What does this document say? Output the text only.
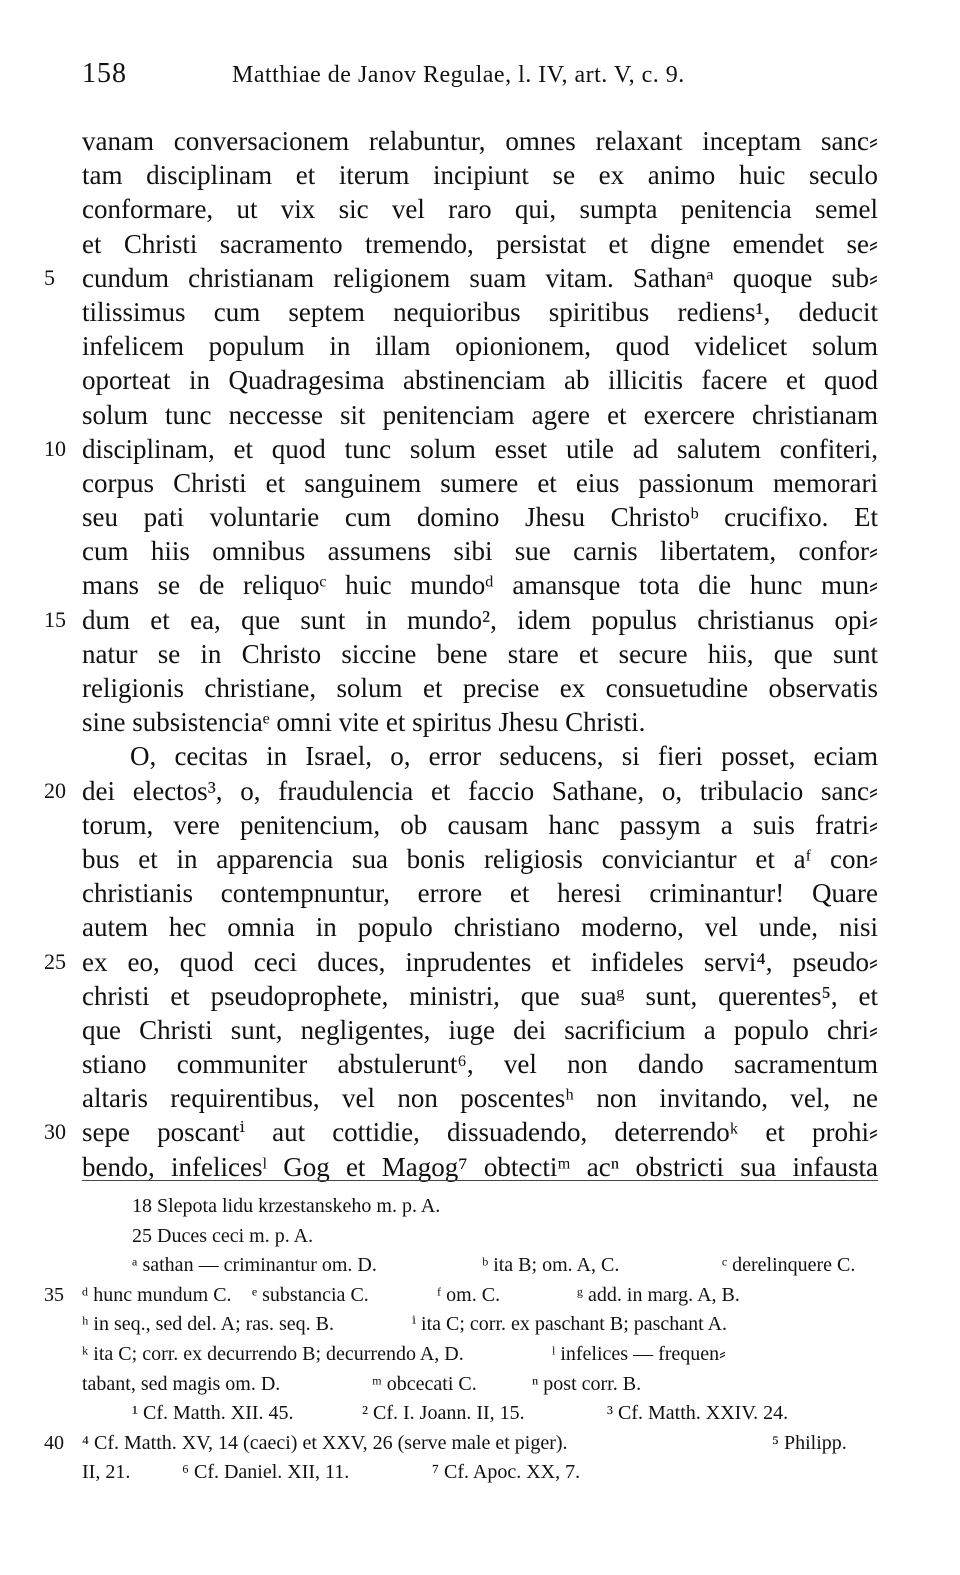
158	Matthiae de Janov Regulae, l. IV, art. V, c. 9.
vanam conversacionem relabuntur, omnes relaxant inceptam sanc⸗
tam disciplinam et iterum incipiunt se ex animo huic seculo
conformare, ut vix sic vel raro qui, sumpta penitencia semel
et Christi sacramento tremendo, persistat et digne emendet se⸗
5 cundum christianam religionem suam vitam. Sathanᵃ quoque sub⸗
tilissimus cum septem nequioribus spiritibus rediens¹, deducit
infelicem populum in illam opionionem, quod videlicet solum
oporteat in Quadragesima abstinenciam ab illicitis facere et quod
solum tunc neccesse sit penitenciam agere et exercere christianam
10 disciplinam, et quod tunc solum esset utile ad salutem confiteri,
corpus Christi et sanguinem sumere et eius passionum memorari
seu pati voluntarie cum domino Jhesu Christoᵇ crucifixo. Et
cum hiis omnibus assumens sibi sue carnis libertatem, confor⸗
mans se de reliquoᶜ huic mundoᵈ amansque tota die hunc mun⸗
15 dum et ea, que sunt in mundo², idem populus christianus opi⸗
natur se in Christo siccine bene stare et secure hiis, que sunt
religionis christiane, solum et precise ex consuetudine observatis
sine subsistenciaᵉ omni vite et spiritus Jhesu Christi.
O, cecitas in Israel, o, error seducens, si fieri posset, eciam
20 dei electos³, o, fraudulencia et faccio Sathane, o, tribulacio sanc⸗
torum, vere penitencium, ob causam hanc passym a suis fratri⸗
bus et in apparencia sua bonis religiosis conviciantur et aᶠ con⸗
christianis contempnuntur, errore et heresi criminantur! Quare
autem hec omnia in populo christiano moderno, vel unde, nisi
25 ex eo, quod ceci duces, inprudentes et infideles servi⁴, pseudo⸗
christi et pseudoprophete, ministri, que suaᵍ sunt, querentes⁵, et
que Christi sunt, negligentes, iuge dei sacrificium a populo chri⸗
stiano communiter abstulerunt⁶, vel non dando sacramentum
altaris requirentibus, vel non poscentesʰ non invitando, vel, ne
30 sepe poscantⁱ aut cottidie, dissuadendo, deterrendoᵏ et prohi⸗
bendo, infelicesˡ Gog et Magog⁷ obtectiᵐ acⁿ obstricti sua infausta
18 Slepota lidu krzestanskeho m. p. A.
25 Duces ceci m. p. A.
ᵃ sathan — criminantur om. D.	ᵇ ita B; om. A, C.	ᶜ derelinquere C.
35 ᵈ hunc mundum C. ᵉ substancia C.	ᶠ om. C.	ᵍ add. in marg. A, B.
ʰ in seq., sed del. A; ras. seq. B.	ⁱ ita C; corr. ex paschant B; paschant A.
ᵏ ita C; corr. ex decurrendo B; decurrendo A, D.	ˡ infelices — frequen⸗
tabant, sed magis om. D.	ᵐ obcecati C.	ⁿ post corr. B.
¹ Cf. Matth. XII. 45.	² Cf. I. Joann. II, 15.	³ Cf. Matth. XXIV. 24.
40 ⁴ Cf. Matth. XV, 14 (caeci) et XXV, 26 (serve male et piger).	⁵ Philipp.
II, 21.	⁶ Cf. Daniel. XII, 11.	⁷ Cf. Apoc. XX, 7.
